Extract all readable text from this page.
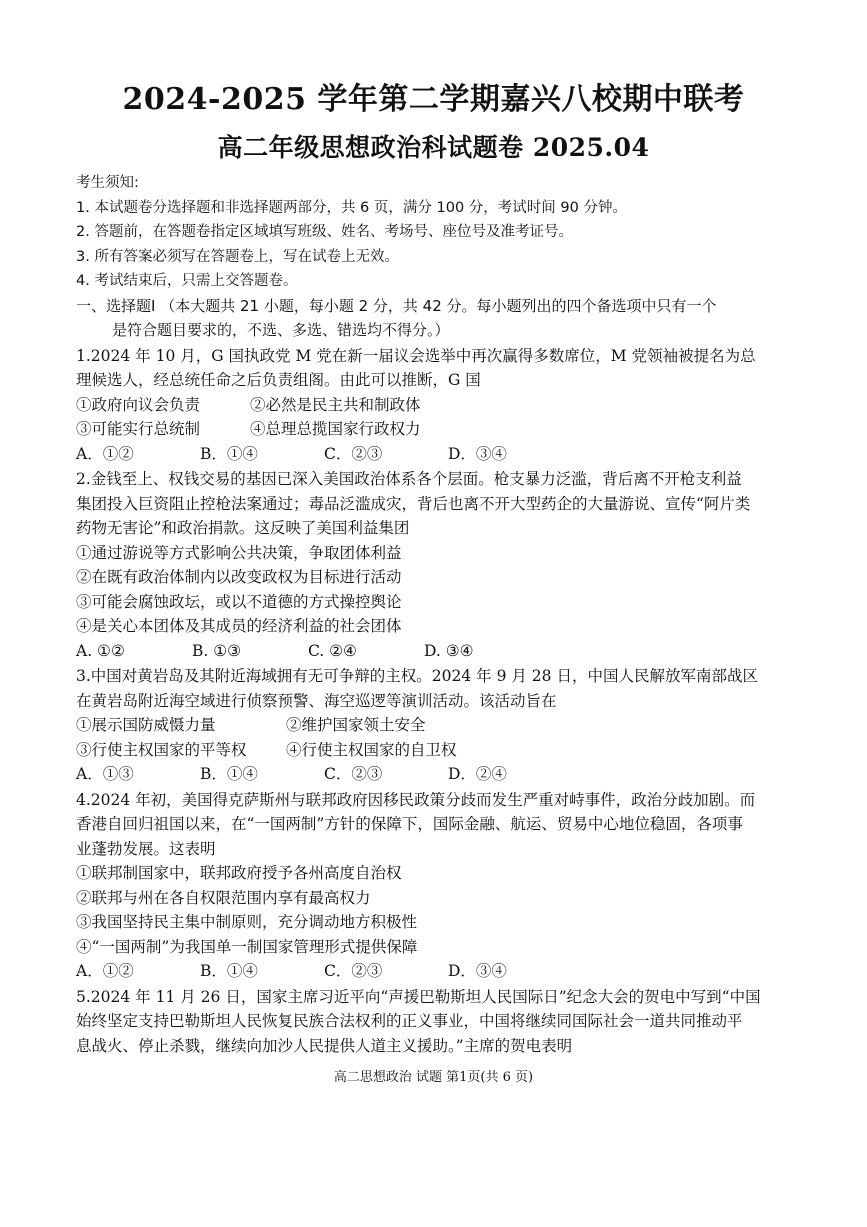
2024-2025 学年第二学期嘉兴八校期中联考
高二年级思想政治科试题卷 2025.04
考生须知:
1. 本试题卷分选择题和非选择题两部分，共 6 页，满分 100 分，考试时间 90 分钟。
2. 答题前，在答题卷指定区域填写班级、姓名、考场号、座位号及准考证号。
3. 所有答案必须写在答题卷上，写在试卷上无效。
4. 考试结束后，只需上交答题卷。
一、选择题Ⅰ （本大题共 21 小题，每小题 2 分，共 42 分。每小题列出的四个备选项中只有一个
是符合题目要求的，不选、多选、错选均不得分。）
1.2024 年 10 月，G 国执政党 M 党在新一届议会选举中再次赢得多数席位，M 党领袖被提名为总
理候选人，经总统任命之后负责组阁。由此可以推断，G 国
①政府向议会负责	②必然是民主共和制政体
③可能实行总统制	④总理总揽国家行政权力
A．①②	B．①④	C．②③	D．③④
2.金钱至上、权钱交易的基因已深入美国政治体系各个层面。枪支暴力泛滥，背后离不开枪支利益
集团投入巨资阻止控枪法案通过；毒品泛滥成灾，背后也离不开大型药企的大量游说、宣传“阿片类
药物无害论”和政治捐款。这反映了美国利益集团
①通过游说等方式影响公共决策，争取团体利益
②在既有政治体制内以改变政权为目标进行活动
③可能会腐蚀政坛，或以不道德的方式操控舆论
④是关心本团体及其成员的经济利益的社会团体
A. ①②	B. ①③	C. ②④	D. ③④
3.中国对黄岩岛及其附近海域拥有无可争辩的主权。2024 年 9 月 28 日，中国人民解放军南部战区
在黄岩岛附近海空域进行侦察预警、海空巡逻等演训活动。该活动旨在
①展示国防威慑力量	②维护国家领土安全
③行使主权国家的平等权	④行使主权国家的自卫权
A．①③	B．①④	C．②③	D．②④
4.2024 年初，美国得克萨斯州与联邦政府因移民政策分歧而发生严重对峙事件，政治分歧加剧。而
香港自回归祖国以来，在“一国两制”方针的保障下，国际金融、航运、贸易中心地位稳固，各项事
业蓬勃发展。这表明
①联邦制国家中，联邦政府授予各州高度自治权
②联邦与州在各自权限范围内享有最高权力
③我国坚持民主集中制原则，充分调动地方积极性
④“一国两制”为我国单一制国家管理形式提供保障
A．①②	B．①④	C．②③	D．③④
5.2024 年 11 月 26 日，国家主席习近平向“声援巴勒斯坦人民国际日”纪念大会的贺电中写到“中国
始终坚定支持巴勒斯坦人民恢复民族合法权利的正义事业，中国将继续同国际社会一道共同推动平
息战火、停止杀戮，继续向加沙人民提供人道主义援助。”主席的贺电表明
高二思想政治 试题 第1页(共 6 页)
